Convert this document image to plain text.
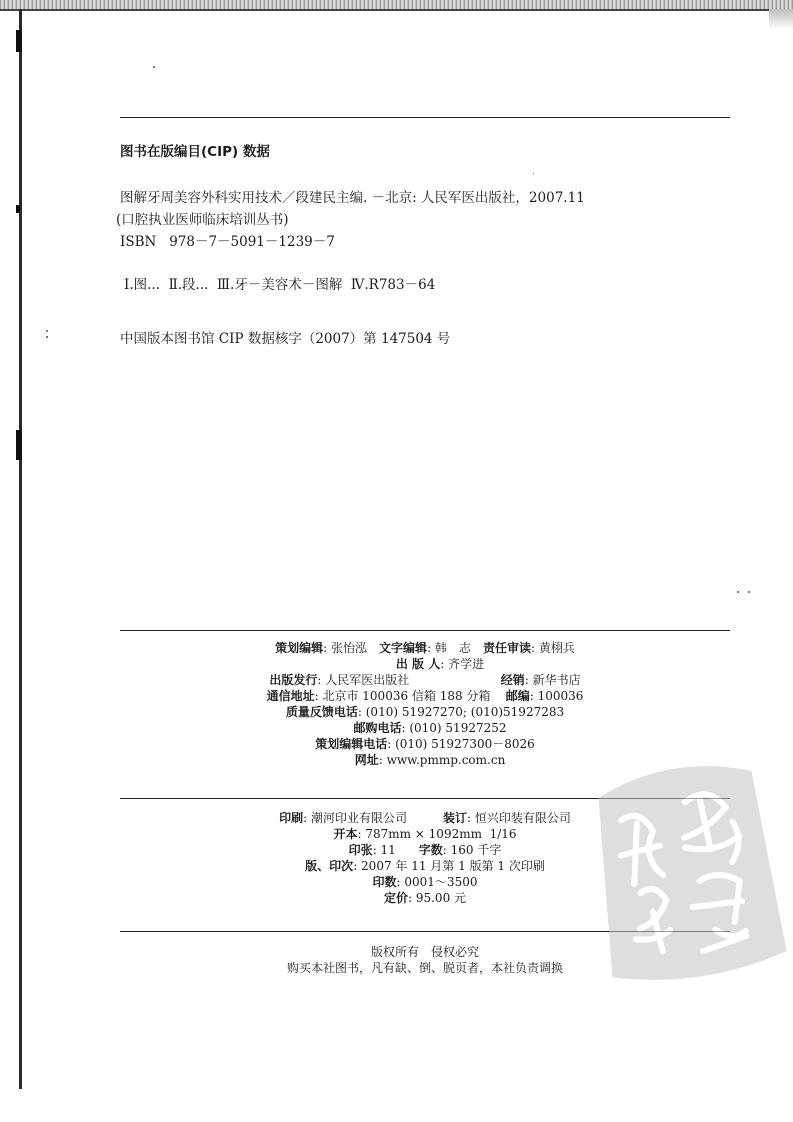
图书在版编目(CIP) 数据
图解牙周美容外科实用技术／段建民主编. －北京: 人民军医出版社，2007.11
(口腔执业医师临床培训丛书)
ISBN   978－7－5091－1239－7
Ⅰ.图...  Ⅱ.段...  Ⅲ.牙－美容术－图解  Ⅳ.R783－64
中国版本图书馆 CIP 数据核字（2007）第 147504 号
策划编辑: 张怡泓　 文字编辑: 韩　志　 责任审读: 黄栩兵
出 版 人: 齐学进
出版发行: 人民军医出版社	经销: 新华书店
通信地址: 北京市 100036 信箱 188 分箱 邮编: 100036
质量反馈电话: (010) 51927270; (010)51927283
邮购电话: (010) 51927252
策划编辑电话: (010) 51927300－8026
网址: www.pmmp.com.cn
印刷: 潮河印业有限公司　　　	装订: 恒兴印装有限公司
开本: 787mm × 1092mm  1/16
印张: 11 字数: 160 千字
版、印次: 2007 年 11 月第 1 版第 1 次印刷
印数: 0001～3500
定价: 95.00 元
版权所有　侵权必究
购买本社图书，凡有缺、倒、脱页者，本社负责调换
